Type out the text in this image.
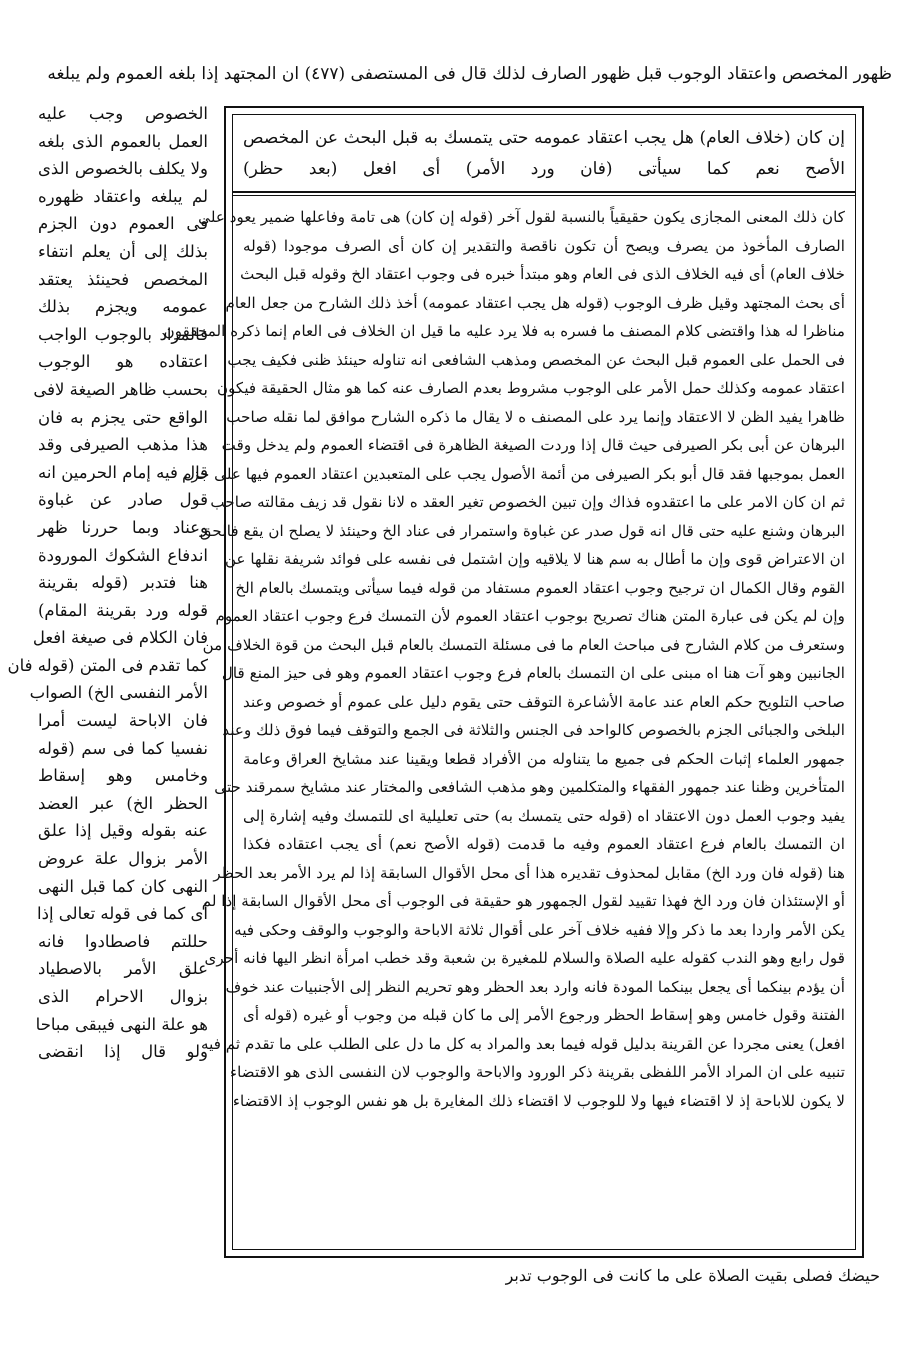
ظهور المخصص واعتقاد الوجوب قبل ظهور الصارف لذلك قال فى المستصفى (٤٧٧) ان المجتهد إذا بلغه العموم ولم يبلغه
الخصوص وجب عليه
العمل بالعموم الذى بلغه
ولا يكلف بالخصوص الذى
لم يبلغه واعتقاد ظهوره
فى العموم دون الجزم
بذلك إلى أن يعلم انتفاء
المخصص فحينئذ يعتقد
عمومه ويجزم بذلك
فالمراد بالوجوب الواجب
اعتقاده هو الوجوب
بحسب ظاهر الصيغة لافى
الواقع حتى يجزم به فان
هذا مذهب الصيرفى وقد
قال فيه إمام الحرمين انه
قول صادر عن غباوة
وعناد وبما حررنا ظهر
اندفاع الشكوك المورودة
هنا فتدبر (قوله بقرينة
قوله ورد بقرينة المقام)
فان الكلام فى صيغة افعل
كما تقدم فى المتن (قوله فان
الأمر النفسى الخ) الصواب
فان الاباحة ليست أمرا
نفسيا كما فى سم (قوله
وخامس وهو إسقاط
الحظر الخ) عبر العضد
عنه بقوله وقيل إذا علق
الأمر بزوال علة عروض
النهى كان كما قبل النهى
أى كما فى قوله تعالى إذا
حللتم فاصطادوا فانه
علق الأمر بالاصطياد
بزوال الاحرام الذى
هو علة النهى فيبقى مباحا
ولو قال إذا انقضى
إن كان (خلاف العام) هل يجب اعتقاد عمومه حتى يتمسك به قبل البحث عن المخصص
الأصح نعم كما سيأتى (فان ورد الأمر) أى افعل (بعد حظر)
كان ذلك المعنى المجازى يكون حقيقياً بالنسبة لقول آخر (قوله إن كان) هى تامة وفاعلها ضمير يعود على
الصارف المأخوذ من يصرف ويصح أن تكون ناقصة والتقدير إن كان أى الصرف موجودا (قوله
خلاف العام) أى فيه الخلاف الذى فى العام وهو مبتدأ خبره فى وجوب اعتقاد الخ وقوله قبل البحث
أى بحث المجتهد وقيل ظرف الوجوب (قوله هل يجب اعتقاد عمومه) أخذ ذلك الشارح من جعل العام
مناظرا له هذا واقتضى كلام المصنف ما فسره به فلا يرد عليه ما قيل ان الخلاف فى العام إنما ذكره المحققون
فى الحمل على العموم قبل البحث عن المخصص ومذهب الشافعى انه تناوله حينئذ ظنى فكيف يجب
اعتقاد عمومه وكذلك حمل الأمر على الوجوب مشروط بعدم الصارف عنه كما هو مثال الحقيقة فيكون
ظاهرا يفيد الظن لا الاعتقاد وإنما يرد على المصنف ه لا يقال ما ذكره الشارح موافق لما نقله صاحب
البرهان عن أبى بكر الصيرفى حيث قال إذا وردت الصيغة الظاهرة فى اقتضاء العموم ولم يدخل وقت
العمل بموجبها فقد قال أبو بكر الصيرفى من أئمة الأصول يجب على المتعبدين اعتقاد العموم فيها على جزم
ثم ان كان الامر على ما اعتقدوه فذاك وإن تبين الخصوص تغير العقد ه لانا نقول قد زيف مقالته صاحب
البرهان وشنع عليه حتى قال انه قول صدر عن غباوة واستمرار فى عناد الخ وحينئذ لا يصلح ان يقع فالحق
ان الاعتراض قوى وإن ما أطال به سم هنا لا يلاقيه وإن اشتمل فى نفسه على فوائد شريفة نقلها عن
القوم وقال الكمال ان ترجيح وجوب اعتقاد العموم مستفاد من قوله فيما سيأتى ويتمسك بالعام الخ
وإن لم يكن فى عبارة المتن هناك تصريح بوجوب اعتقاد العموم لأن التمسك فرع وجوب اعتقاد العموم
وستعرف من كلام الشارح فى مباحث العام ما فى مسئلة التمسك بالعام قبل البحث من قوة الخلاف من
الجانبين وهو آت هنا اه مبنى على ان التمسك بالعام فرع وجوب اعتقاد العموم وهو فى حيز المنع قال
صاحب التلويح حكم العام عند عامة الأشاعرة التوقف حتى يقوم دليل على عموم أو خصوص وعند
البلخى والجبائى الجزم بالخصوص كالواحد فى الجنس والثلاثة فى الجمع والتوقف فيما فوق ذلك وعند
جمهور العلماء إثبات الحكم فى جميع ما يتناوله من الأفراد قطعا ويقينا عند مشايخ العراق وعامة
المتأخرين وظنا عند جمهور الفقهاء والمتكلمين وهو مذهب الشافعى والمختار عند مشايخ سمرقند حتى
يفيد وجوب العمل دون الاعتقاد اه (قوله حتى يتمسك به) حتى تعليلية اى للتمسك وفيه إشارة إلى
ان التمسك بالعام فرع اعتقاد العموم وفيه ما قدمت (قوله الأصح نعم) أى يجب اعتقاده فكذا
هنا (قوله فان ورد الخ) مقابل لمحذوف تقديره هذا أى محل الأقوال السابقة إذا لم يرد الأمر بعد الحظر
أو الإستئذان فان ورد الخ فهذا تقييد لقول الجمهور هو حقيقة فى الوجوب أى محل الأقوال السابقة إذا لم
يكن الأمر واردا بعد ما ذكر وإلا ففيه خلاف آخر على أقوال ثلاثة الاباحة والوجوب والوقف وحكى فيه
قول رابع وهو الندب كقوله عليه الصلاة والسلام للمغيرة بن شعبة وقد خطب امرأة انظر اليها فانه أحرى
أن يؤدم بينكما أى يجعل بينكما المودة فانه وارد بعد الحظر وهو تحريم النظر إلى الأجنبيات عند خوف
الفتنة وقول خامس وهو إسقاط الحظر ورجوع الأمر إلى ما كان قبله من وجوب أو غيره (قوله أى
افعل) يعنى مجردا عن القرينة بدليل قوله فيما بعد والمراد به كل ما دل على الطلب على ما تقدم ثم فيه
تنبيه على ان المراد الأمر اللفظى بقرينة ذكر الورود والاباحة والوجوب لان النفسى الذى هو الاقتضاء
لا يكون للاباحة إذ لا اقتضاء فيها ولا للوجوب لا اقتضاء ذلك المغايرة بل هو نفس الوجوب إذ الاقتضاء
حيضك فصلى بقيت الصلاة على ما كانت فى الوجوب تدبر
